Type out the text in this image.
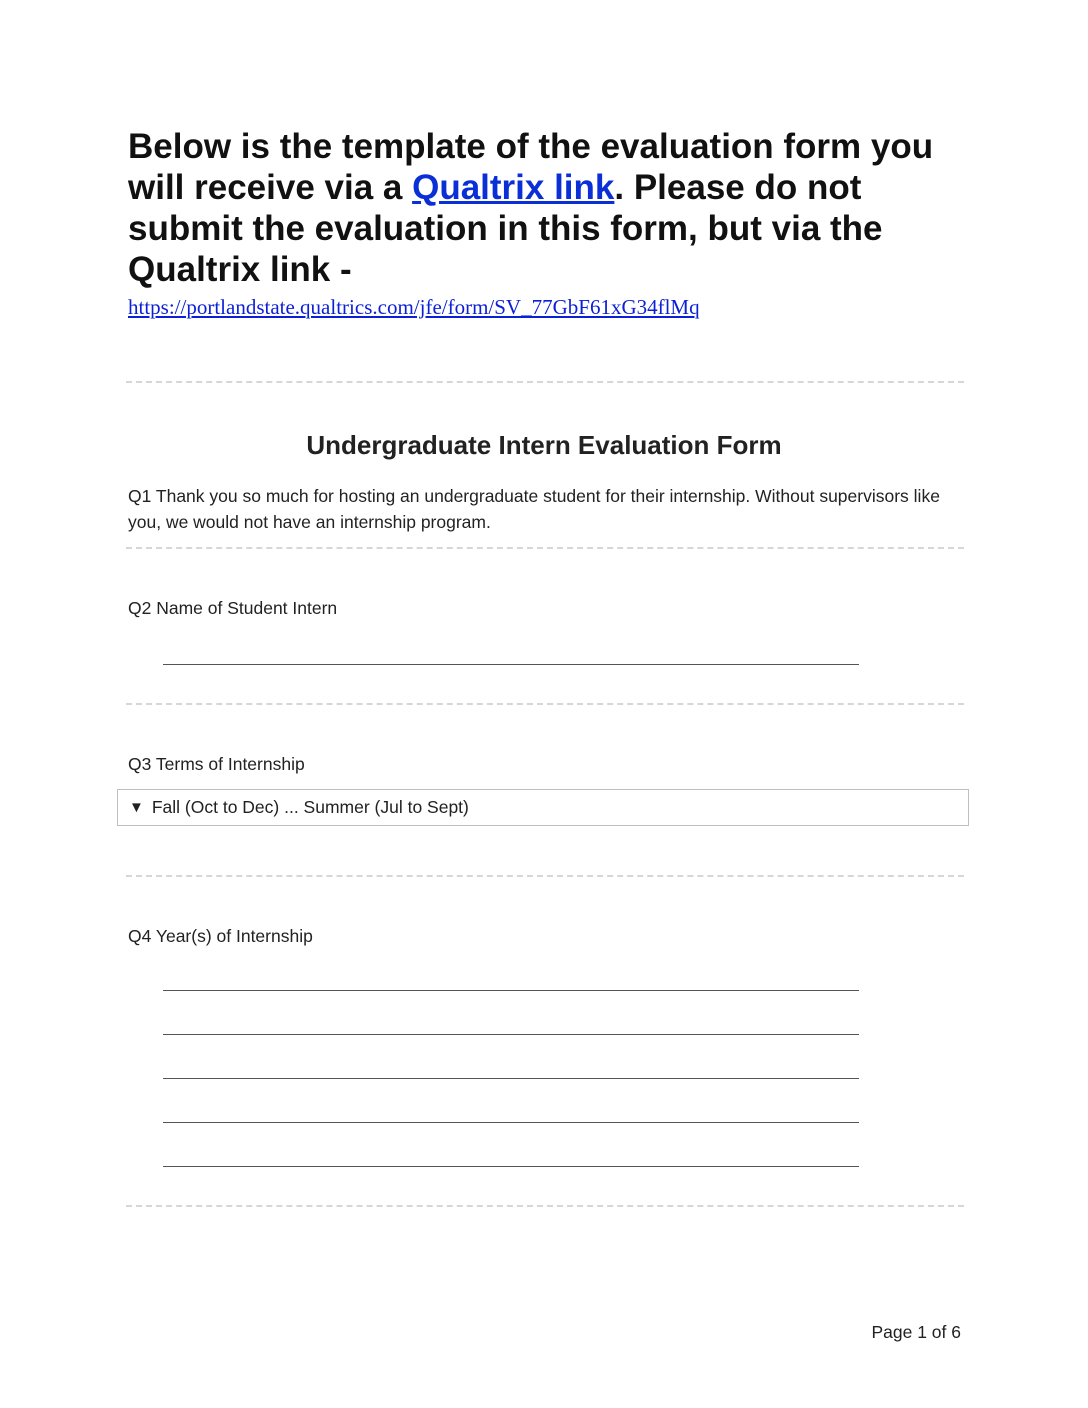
Below is the template of the evaluation form you will receive via a Qualtrix link. Please do not submit the evaluation in this form, but via the Qualtrix link -
https://portlandstate.qualtrics.com/jfe/form/SV_77GbF61xG34flMq
Undergraduate Intern Evaluation Form

Q1 Thank you so much for hosting an undergraduate student for their internship. Without supervisors like you, we would not have an internship program.

Q2 Name of Student Intern

Q3 Terms of Internship

▼ Fall (Oct to Dec) ... Summer (Jul to Sept)

Q4 Year(s) of Internship

Page 1 of 6
